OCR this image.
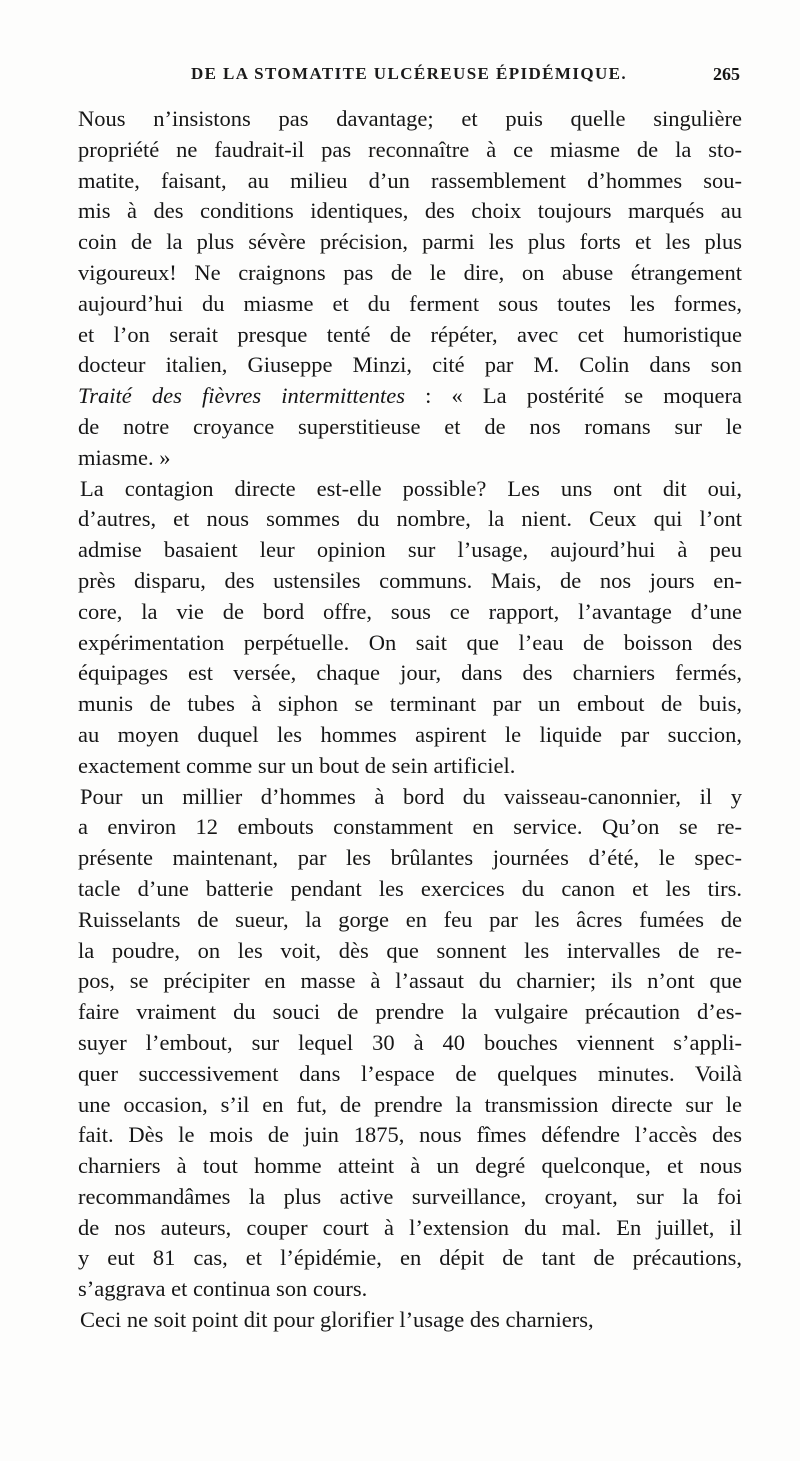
DE LA STOMATITE ULCÉREUSE ÉPIDÉMIQUE.	265

Nous n’insistons pas davantage; et puis quelle singulière
propriété ne faudrait-il pas reconnaître à ce miasme de la sto-
matite, faisant, au milieu d’un rassemblement d’hommes sou-
mis à des conditions identiques, des choix toujours marqués au
coin de la plus sévère précision, parmi les plus forts et les plus
vigoureux! Ne craignons pas de le dire, on abuse étrangement
aujourd’hui du miasme et du ferment sous toutes les formes,
et l’on serait presque tenté de répéter, avec cet humoristique
docteur italien, Giuseppe Minzi, cité par M. Colin dans son
Traité des fièvres intermittentes : « La postérité se moquera
de notre croyance superstitieuse et de nos romans sur le
miasme. »

La contagion directe est-elle possible? Les uns ont dit oui,
d’autres, et nous sommes du nombre, la nient. Ceux qui l’ont
admise basaient leur opinion sur l’usage, aujourd’hui à peu
près disparu, des ustensiles communs. Mais, de nos jours en-
core, la vie de bord offre, sous ce rapport, l’avantage d’une
expérimentation perpétuelle. On sait que l’eau de boisson des
équipages est versée, chaque jour, dans des charniers fermés,
munis de tubes à siphon se terminant par un embout de buis,
au moyen duquel les hommes aspirent le liquide par succion,
exactement comme sur un bout de sein artificiel.

Pour un millier d’hommes à bord du vaisseau-canonnier, il y
a environ 12 embouts constamment en service. Qu’on se re-
présente maintenant, par les brûlantes journées d’été, le spec-
tacle d’une batterie pendant les exercices du canon et les tirs.
Ruisselants de sueur, la gorge en feu par les âcres fumées de
la poudre, on les voit, dès que sonnent les intervalles de re-
pos, se précipiter en masse à l’assaut du charnier; ils n’ont que
faire vraiment du souci de prendre la vulgaire précaution d’es-
suyer l’embout, sur lequel 30 à 40 bouches viennent s’appli-
quer successivement dans l’espace de quelques minutes. Voilà
une occasion, s’il en fut, de prendre la transmission directe sur le
fait. Dès le mois de juin 1875, nous fîmes défendre l’accès des
charniers à tout homme atteint à un degré quelconque, et nous
recommandâmes la plus active surveillance, croyant, sur la foi
de nos auteurs, couper court à l’extension du mal. En juillet, il
y eut 81 cas, et l’épidémie, en dépit de tant de précautions,
s’aggrava et continua son cours.

Ceci ne soit point dit pour glorifier l’usage des charniers,
